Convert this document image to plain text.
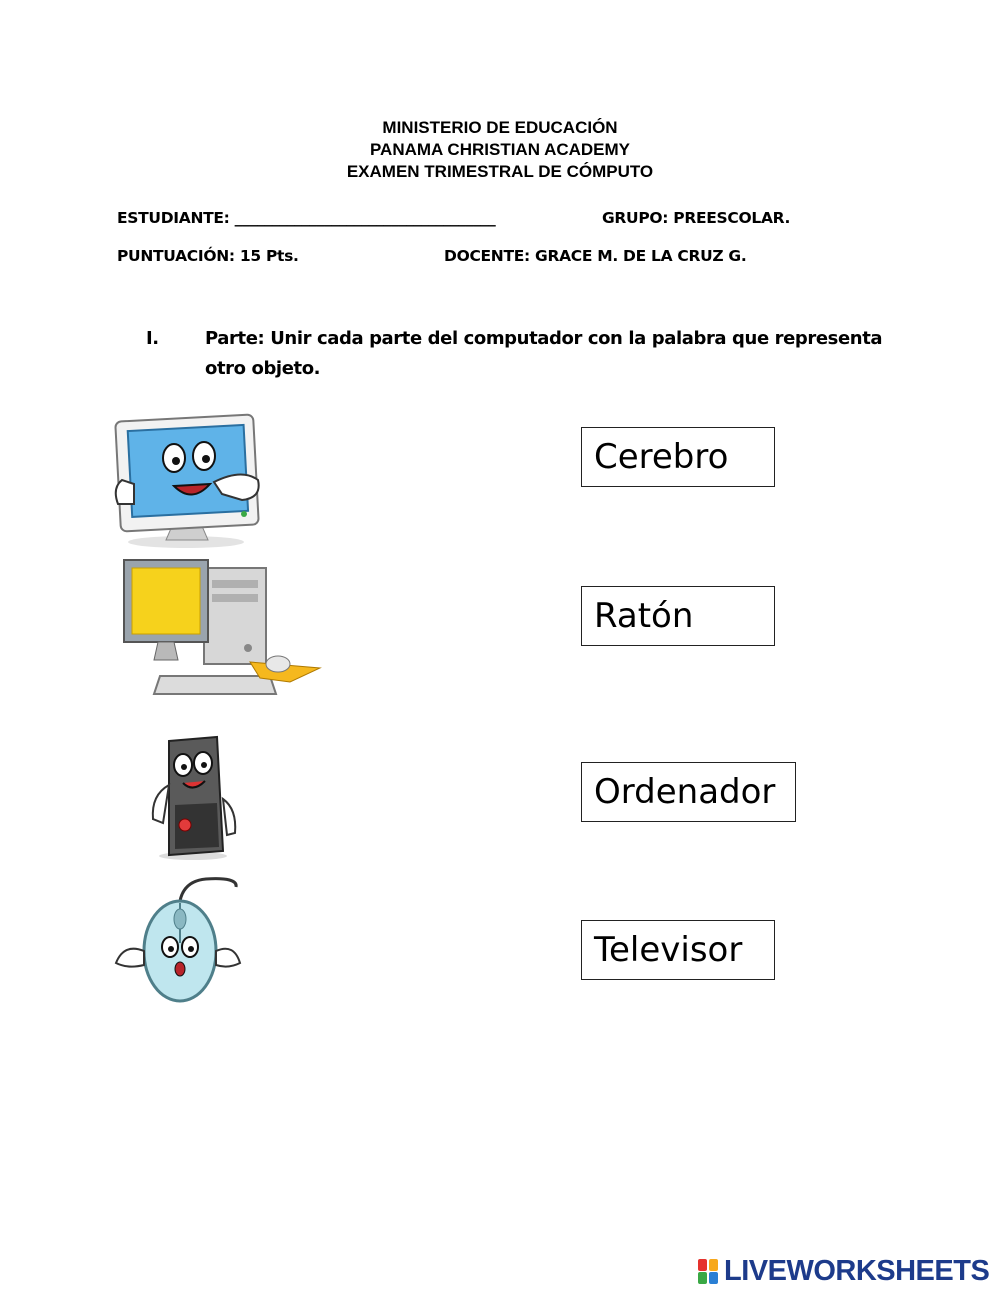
MINISTERIO DE EDUCACIÓN
PANAMA CHRISTIAN ACADEMY
EXAMEN TRIMESTRAL DE CÓMPUTO
ESTUDIANTE: ___________________________________	GRUPO: PREESCOLAR.
PUNTUACIÓN: 15 Pts.	DOCENTE: GRACE M. DE LA CRUZ G.
I.	Parte: Unir cada parte del computador con la palabra que representa otro objeto.
Cerebro
Ratón
Ordenador
Televisor
LIVEWORKSHEETS
